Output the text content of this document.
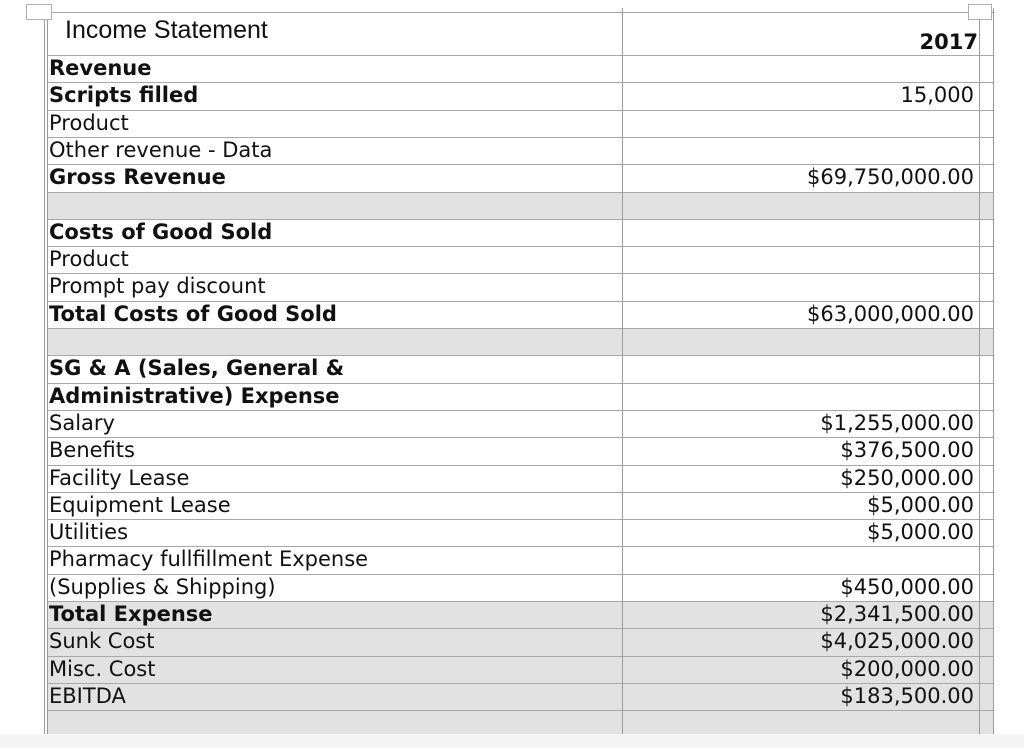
Income Statement	2017
Revenue
Scripts filled	15,000
Product
Other revenue - Data
Gross Revenue	$69,750,000.00
Costs of Good Sold
Product
Prompt pay discount
Total Costs of Good Sold	$63,000,000.00
SG & A (Sales, General &
Administrative) Expense
Salary	$1,255,000.00
Benefits	$376,500.00
Facility Lease	$250,000.00
Equipment Lease	$5,000.00
Utilities	$5,000.00
Pharmacy fullfillment Expense
(Supplies & Shipping)	$450,000.00
Total Expense	$2,341,500.00
Sunk Cost	$4,025,000.00
Misc. Cost	$200,000.00
EBITDA	$183,500.00
